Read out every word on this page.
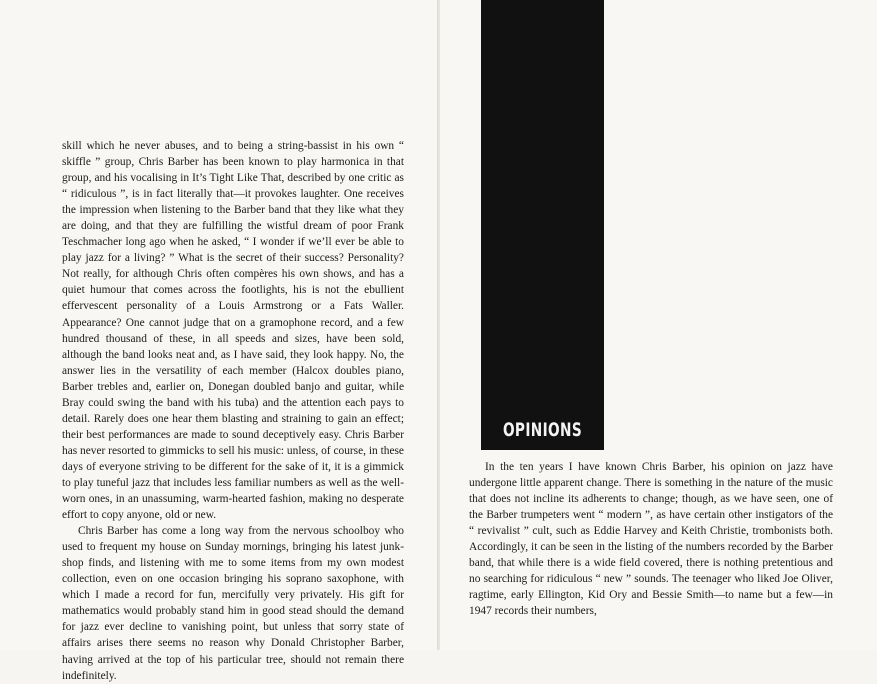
skill which he never abuses, and to being a string-bassist in his own “ skiffle ” group, Chris Barber has been known to play harmonica in that group, and his vocalising in It’s Tight Like That, described by one critic as “ ridiculous ”, is in fact literally that—it provokes laughter. One receives the impression when listening to the Barber band that they like what they are doing, and that they are fulfilling the wistful dream of poor Frank Teschmacher long ago when he asked, “ I wonder if we’ll ever be able to play jazz for a living? ” What is the secret of their success? Personality? Not really, for although Chris often compères his own shows, and has a quiet humour that comes across the footlights, his is not the ebullient effervescent personality of a Louis Armstrong or a Fats Waller. Appearance? One cannot judge that on a gramophone record, and a few hundred thousand of these, in all speeds and sizes, have been sold, although the band looks neat and, as I have said, they look happy. No, the answer lies in the versatility of each member (Halcox doubles piano, Barber trebles and, earlier on, Donegan doubled banjo and guitar, while Bray could swing the band with his tuba) and the attention each pays to detail. Rarely does one hear them blasting and straining to gain an effect; their best performances are made to sound deceptively easy. Chris Barber has never resorted to gimmicks to sell his music: unless, of course, in these days of everyone striving to be different for the sake of it, it is a gimmick to play tuneful jazz that includes less familiar numbers as well as the well-worn ones, in an unassuming, warm-hearted fashion, making no desperate effort to copy anyone, old or new.

Chris Barber has come a long way from the nervous schoolboy who used to frequent my house on Sunday mornings, bringing his latest junk-shop finds, and listening with me to some items from my own modest collection, even on one occasion bringing his soprano saxophone, with which I made a record for fun, mercifully very privately. His gift for mathematics would probably stand him in good stead should the demand for jazz ever decline to vanishing point, but unless that sorry state of affairs arises there seems no reason why Donald Christopher Barber, having arrived at the top of his particular tree, should not remain there indefinitely.

OPINIONS

In the ten years I have known Chris Barber, his opinion on jazz have undergone little apparent change. There is something in the nature of the music that does not incline its adherents to change; though, as we have seen, one of the Barber trumpeters went “ modern ”, as have certain other instigators of the “ revivalist ” cult, such as Eddie Harvey and Keith Christie, trombonists both. Accordingly, it can be seen in the listing of the numbers recorded by the Barber band, that while there is a wide field covered, there is nothing pretentious and no searching for ridiculous “ new ” sounds. The teenager who liked Joe Oliver, ragtime, early Ellington, Kid Ory and Bessie Smith—to name but a few—in 1947 records their numbers,
